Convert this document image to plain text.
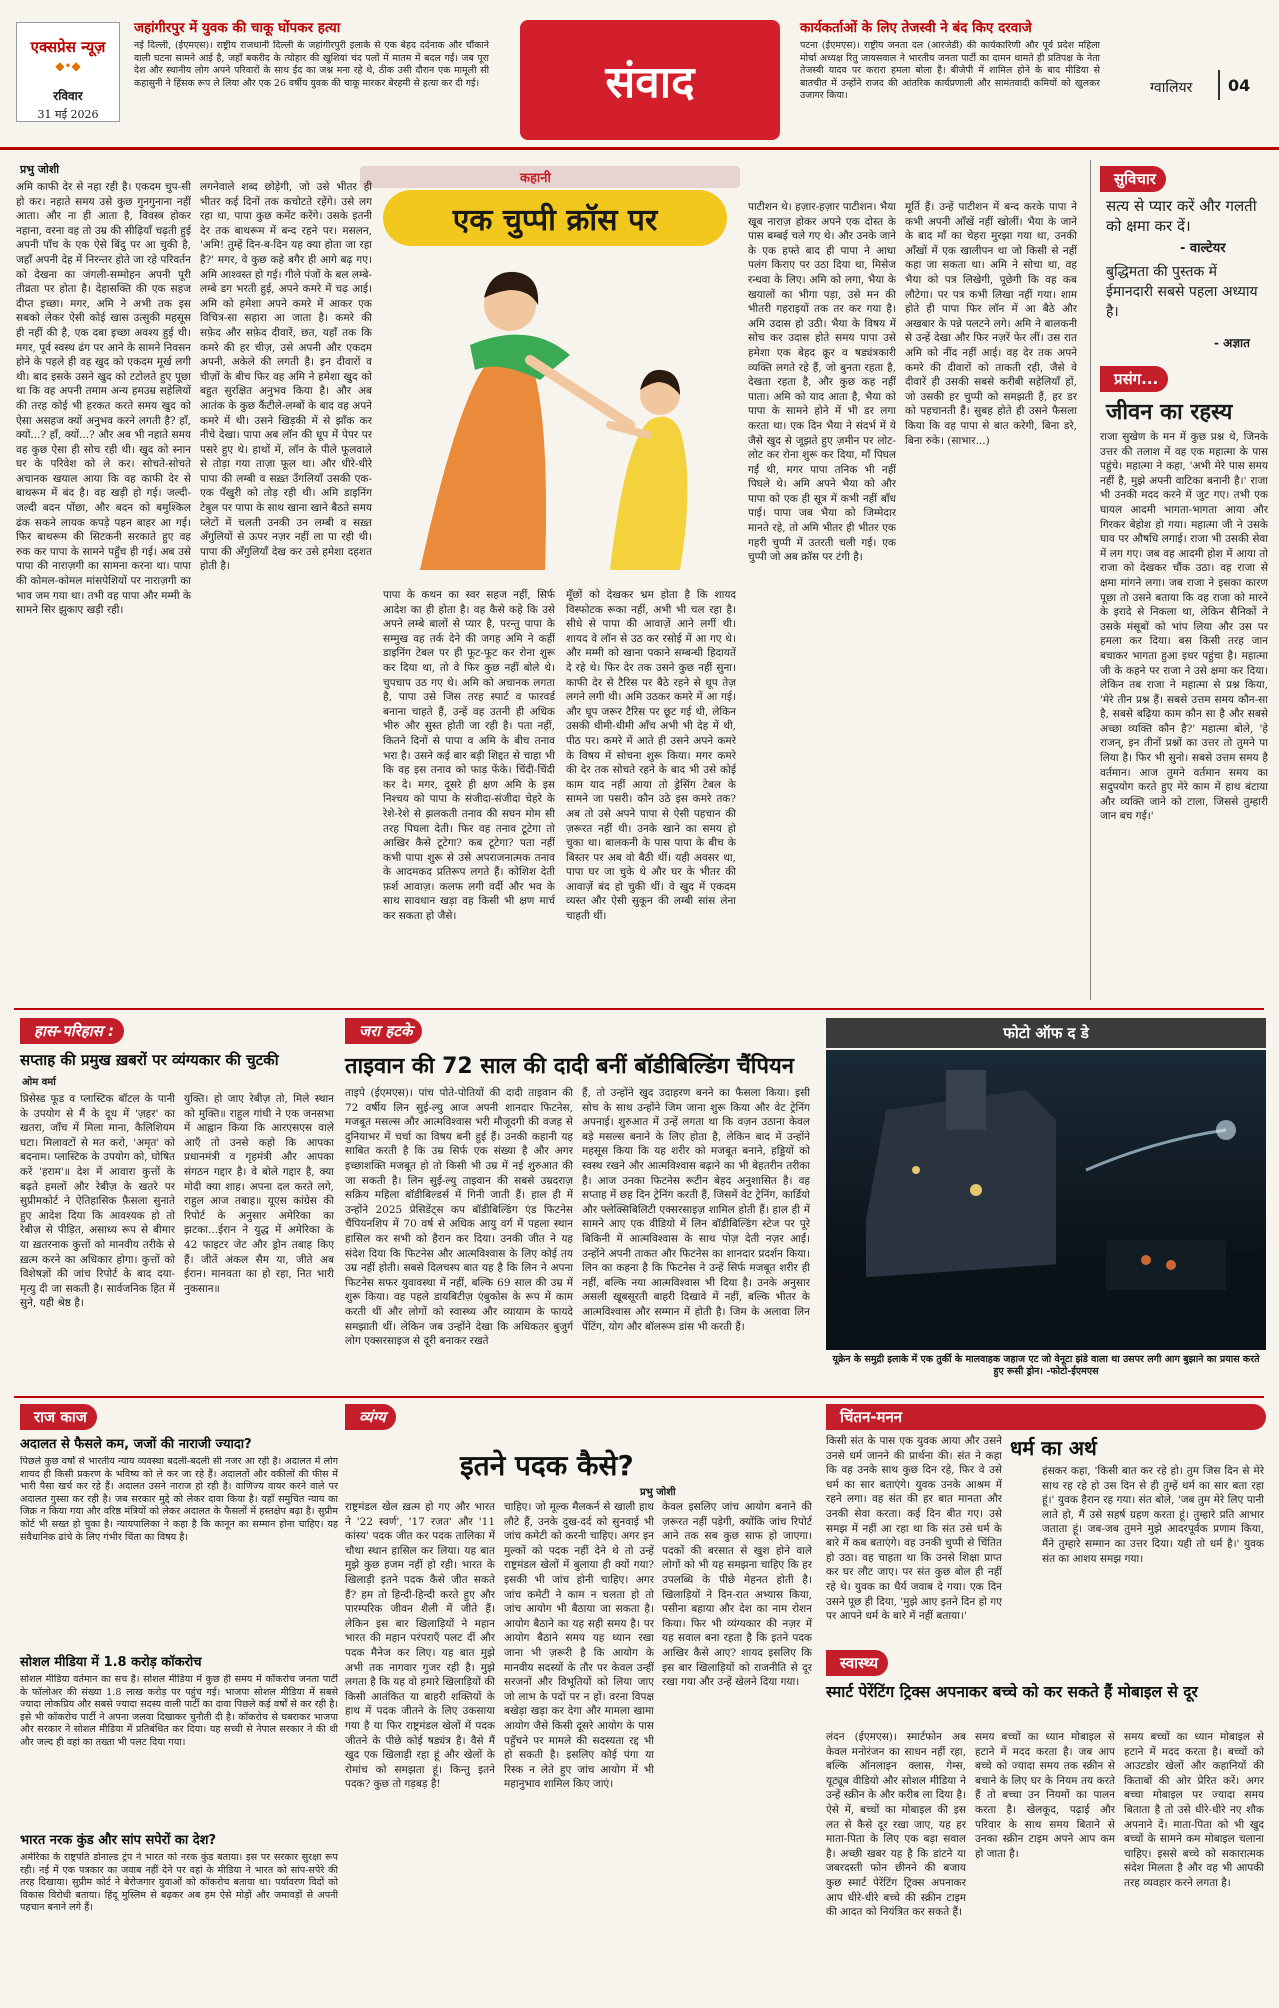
एक्सप्रेस न्यूज़
◆•◆
रविवार
31 मई 2026
जहांगीरपुर में युवक की चाकू घोंपकर हत्या
नई दिल्ली, (ईएमएस)। राष्ट्रीय राजधानी दिल्ली के जहांगीरपुरी इलाके से एक बेहद दर्दनाक और चौंकाने वाली घटना सामने आई है, जहाँ बकरीद के त्योहार की खुशियां चंद पलों में मातम में बदल गईं। जब पूरा देश और स्थानीय लोग अपने परिवारों के साथ ईद का जश्न मना रहे थे, ठीक उसी दौरान एक मामूली सी कहासुनी ने हिंसक रूप ले लिया और एक 26 वर्षीय युवक की चाकू मारकर बेरहमी से हत्या कर दी गई।	संवाद
कार्यकर्ताओं के लिए तेजस्वी ने बंद किए दरवाजे
पटना (ईएमएस)। राष्ट्रीय जनता दल (आरजेडी) की कार्यकारिणी और पूर्व प्रदेश महिला मोर्चा अध्यक्ष रितु जायसवाल ने भारतीय जनता पार्टी का दामन थामते ही प्रतिपक्ष के नेता तेजस्वी यादव पर करारा हमला बोला है। बीजेपी में शामिल होने के बाद मीडिया से बातचीत में उन्होंने राजद की आंतरिक कार्यप्रणाली और सामंतवादी कमियों को खुलकर उजागर किया।	ग्वालियर 04
कहानी
एक चुप्पी क्रॉस पर
प्रभु जोशी
अमि काफी देर से नहा रही है। एकदम चुप-सी हो कर। नहाते समय उसे कुछ गुनगुनाना नहीं आता। और ना ही आता है, विवस्त्र होकर नहाना, वरना वह तो उम्र की सीढ़ियाँ चढ़ती हुई अपनी पाँच के एक ऐसे बिंदु पर आ चुकी है, जहाँ अपनी देह में निरन्तर होते जा रहे परिवर्तन को देखना का जंगली-सम्मोहन अपनी पूरी तीव्रता पर होता है। देहासक्ति की एक सहज दीप्त इच्छा। मगर, अमि ने अभी तक इस सबको लेकर ऐसी कोई खास उत्सुकी महसूस ही नहीं की है, एक दबा इच्छा अवश्य हुई थी। मगर, पूर्व स्वस्थ ढंग पर आने के सामने निवसन होने के पहले ही वह खुद को एकदम मूर्ख लगी थी। बाद इसके उसने खुद को टटोलते हुए पूछा था कि वह अपनी तमाम अन्य हमउम्र सहेलियों की तरह कोई भी हरकत करते समय खुद को ऐसा असहज क्यों अनुभव करने लगती है? हाँ, क्यों...? हाँ, क्यों...? और अब भी नहाते समय वह कुछ ऐसा ही सोच रही थी। खुद को स्नान घर के परिवेश को ले कर। सोचते-सोचते अचानक खयाल आया कि वह काफी देर से बाथरूम में बंद है। वह खड़ी हो गई। जल्दी-जल्दी बदन पोंछा, और बदन को बमुश्किल ढंक सकने लायक कपड़े पहन बाहर आ गई। फिर बाथरूम की सिटकनी सरकाते हुए वह रुक कर पापा के सामने पहुँच ही गई। अब उसे पापा की नाराज़गी का सामना करना था। पापा की कोमल-कोमल मांसपेशियों पर नाराज़गी का भाव जम गया था। तभी वह पापा और मम्मी के सामने सिर झुकाए खड़ी रही।
लगनेवाले शब्द छोड़ेगी, जो उसे भीतर ही भीतर कई दिनों तक कचोटते रहेंगे। उसे लग रहा था, पापा कुछ कमेंट करेंगे। उसके इतनी देर तक बाथरूम में बन्द रहने पर। मसलन, 'अमि! तुम्हें दिन-ब-दिन यह क्या होता जा रहा है?' मगर, वे कुछ कहे बगैर ही आगे बढ़ गए। अमि आश्वस्त हो गई। गीले पंजों के बल लम्बे-लम्बे डग भरती हुई, अपने कमरे में चढ़ आई। अमि को हमेशा अपने कमरे में आकर एक विचित्र-सा सहारा आ जाता है। कमरे की सफ़ेद और सफ़ेद दीवारें, छत, यहाँ तक कि कमरे की हर चीज़, उसे अपनी और एकदम अपनी, अकेले की लगती है। इन दीवारों व चीज़ों के बीच फिर वह अमि ने हमेशा खुद को बहुत सुरक्षित अनुभव किया है। और अब आतंक के कुछ कैंटीले-लम्बों के बाद वह अपने कमरे में थी। उसने खिड़की में से झाँक कर नीचे देखा। पापा अब लॉन की धूप में पेपर पर पसरे हुए थे। हाथों में, लॉन के पीले फूलवाले से तोड़ा गया ताज़ा फूल था। और धीरे-धीरे पापा की लम्बी व सख़्त उँगलियाँ उसकी एक-एक पँखुरी को तोड़ रही थी। अमि डाइनिंग टेबुल पर पापा के साथ खाना खाने बैठते समय प्लेटों में चलती उनकी उन लम्बी व सख़्त अँगुलियों से ऊपर नज़र नहीं ला पा रही थी। पापा की अँगुलियाँ देख कर उसे हमेशा दहशत होती है।
पापा के कथन का स्वर सहज नहीं, सिर्फ आदेश का ही होता है। वह कैसे कहे कि उसे अपने लम्बे बालों से प्यार है, परन्तु पापा के सम्मुख वह तर्क देने की जगह अमि ने कहीं डाइनिंग टेबल पर ही फूट-फूट कर रोना शुरू कर दिया था, तो वे फिर कुछ नहीं बोले थे। चुपचाप उठ गए थे। अमि को अचानक लगता है, पापा उसे जिस तरह स्पार्ट व फारवर्ड बनाना चाहते हैं, उन्हें वह उतनी ही अधिक भीरु और सुस्त होती जा रही है। पता नहीं, कितने दिनों से पापा व अमि के बीच तनाव भरा है। उसने कई बार बड़ी शिद्दत से चाहा भी कि वह इस तनाव को फाड़ फेंके। चिंदी-चिंदी कर दे। मगर, दूसरे ही क्षण अमि के इस निश्चय को पापा के संजीदा-संजीदा चेहरे के रेशे-रेशे से झलकती तनाव की सघन मोम सी तरह पिघला देती। फिर वह तनाव टूटेगा तो आखिर कैसे टूटेगा? कब टूटेगा? पता नहीं कभी पापा शुरू से उसे अपराजनात्मक तनाव के आदमकद प्रतिरूप लगते हैं। कोशिश देती फ़र्श आवाज़। कलफ लगी वर्दी और भव के साथ सावधान खड़ा वह किसी भी क्षण मार्च कर सकता हो जैसे।
मूँछों को देखकर भ्रम होता है कि शायद विस्फोटक रूका नहीं, अभी भी चल रहा है। सीधे से पापा की आवाज़ें आने लगीं थी। शायद वे लॉन से उठ कर रसोई में आ गए थे। और मम्मी को खाना पकाने सम्बन्धी हिदायतें दे रहे थे। फिर देर तक उसने कुछ नहीं सुना। काफी देर से टैरिस पर बैठे रहने से धूप तेज़ लगने लगी थी। अमि उठकर कमरे में आ गई। और धूप जरूर टैरिस पर छूट गई थी, लेकिन उसकी धीमी-धीमी आँच अभी भी देह में थी, पीठ पर। कमरे में आते ही उसने अपने कमरे के विषय में सोचना शुरू किया। मगर कमरे की देर तक सोचते रहने के बाद भी उसे कोई काम याद नहीं आया तो ड्रेसिंग टेबल के सामने जा पसरी। कौन उठे इस कमरे तक? अब तो उसे अपने पापा से ऐसी पहचान की ज़रूरत नहीं थी। उनके खाने का समय हो चुका था। बालकनी के पास पापा के बीच के बिस्तर पर अब वो बैठी थीं। यही अवसर था, पापा घर जा चुके थे और घर के भीतर की आवाज़ें बंद हो चुकी थीं। वे खुद में एकदम व्यस्त और ऐसी सुकून की लम्बी सांस लेना चाहती थीं।
पाटीशन थे। हज़ार-हज़ार पाटीशन। भैया खूब नाराज़ होकर अपने एक दोस्त के पास बम्बई चले गए थे। और उनके जाने के एक हफ्ते बाद ही पापा ने आधा पलंग किराए पर उठा दिया था, मिसेज रन्धवा के लिए। अमि को लगा, भैया के खयालों का भीगा पड़ा, उसे मन की भीतरी गहराइयों तक तर कर गया है। अमि उदास हो उठी। भैया के विषय में सोच कर उदास होते समय पापा उसे हमेशा एक बेहद क्रूर व षड्यंत्रकारी व्यक्ति लगते रहे हैं, जो बुनता रहता है, देखता रहता है, और कुछ कह नहीं पाता। अमि को याद आता है, भैया को पापा के सामने होने में भी डर लगा करता था। एक दिन भैया ने संदर्भ में ये जैसे खुद से जूझते हुए ज़मीन पर लोट-लोट कर रोना शुरू कर दिया, माँ पिघल गईं थी, मगर पापा तनिक भी नहीं पिघले थे। अमि अपने भैया को और पापा को एक ही सूत्र में कभी नहीं बाँध पाई। पापा जब भैया को जिम्मेदार मानते रहे, तो अमि भीतर ही भीतर एक गहरी चुप्पी में उतरती चली गई। एक चुप्पी जो अब क्रॉस पर टंगी है।
मूर्ति हैं। उन्हें पाटीशन में बन्द करके पापा ने कभी अपनी आँखें नहीं खोलीं। भैया के जाने के बाद माँ का चेहरा मुरझा गया था, उनकी आँखों में एक खालीपन था जो किसी से नहीं कहा जा सकता था। अमि ने सोचा था, वह भैया को पत्र लिखेगी, पूछेगी कि वह कब लौटेगा। पर पत्र कभी लिखा नहीं गया। शाम होते ही पापा फिर लॉन में आ बैठे और अखबार के पन्ने पलटने लगे। अमि ने बालकनी से उन्हें देखा और फिर नज़रें फेर लीं। उस रात अमि को नींद नहीं आई। वह देर तक अपने कमरे की दीवारों को ताकती रही, जैसे वे दीवारें ही उसकी सबसे करीबी सहेलियाँ हों, जो उसकी हर चुप्पी को समझती हैं, हर डर को पहचानती हैं। सुबह होते ही उसने फैसला किया कि वह पापा से बात करेगी, बिना डरे, बिना रुके। (साभार...)
सुविचार
सत्य से प्यार करें और गलती को क्षमा कर दें।
- वाल्टेयर
बुद्धिमता की पुस्तक में ईमानदारी सबसे पहला अध्याय है।
- अज्ञात
प्रसंग...
जीवन का रहस्य
राजा सुखेण के मन में कुछ प्रश्न थे, जिनके उत्तर की तलाश में वह एक महात्मा के पास पहुंचे। महात्मा ने कहा, 'अभी मेरे पास समय नहीं है, मुझे अपनी वाटिका बनानी है।' राजा भी उनकी मदद करने में जुट गए। तभी एक घायल आदमी भागता-भागता आया और गिरकर बेहोश हो गया। महात्मा जी ने उसके घाव पर औषधि लगाई। राजा भी उसकी सेवा में लग गए। जब वह आदमी होश में आया तो राजा को देखकर चौंक उठा। वह राजा से क्षमा मांगने लगा। जब राजा ने इसका कारण पूछा तो उसने बताया कि वह राजा को मारने के इरादे से निकला था, लेकिन सैनिकों ने उसके मंसूबों को भांप लिया और उस पर हमला कर दिया। बस किसी तरह जान बचाकर भागता हुआ इधर पहुंचा है। महात्मा जी के कहने पर राजा ने उसे क्षमा कर दिया। लेकिन तब राजा ने महात्मा से प्रश्न किया, 'मेरे तीन प्रश्न हैं। सबसे उत्तम समय कौन-सा है, सबसे बढ़िया काम कौन सा है और सबसे अच्छा व्यक्ति कौन है?' महात्मा बोले, 'हे राजन्, इन तीनों प्रश्नों का उत्तर तो तुमने पा लिया है। फिर भी सुनो। सबसे उत्तम समय है वर्तमान। आज तुमने वर्तमान समय का सदुपयोग करते हुए मेरे काम में हाथ बंटाया और व्यक्ति जाने को टाला, जिससे तुम्हारी जान बच गई।'
हास-परिहास :
सप्ताह की प्रमुख ख़बरों पर व्यंग्यकार की चुटकी
ओम वर्मा
प्रिसेस्ड फूड व प्लास्टिक बॉटल के पानी के उपयोग से मैं के दूध में 'ज़हर' का खतरा, जाँच में मिला माना, कैलिशियम घटा। मिलावटों से मत करो, 'अमृत' को बदनाम। प्लास्टिक के उपयोग को, घोषित करें 'हराम'॥ देश में आवारा कुत्तों के बढ़ते हमलों और रेबीज़ के खतरे पर सुप्रीमकोर्ट ने ऐतिहासिक फ़ैसला सुनाते हुए आदेश दिया कि आवश्यक हो तो रेबीज़ से पीड़ित, असाध्य रूप से बीमार या ख़तरनाक कुत्तों को मानवीय तरीके से ख़त्म करने का अधिकार होगा। कुत्तों को विशेषज्ञों की जांच रिपोर्ट के बाद दया-मृत्यु दी जा सकती है। सार्वजनिक हित में सुने, यही श्रेष्ठ है।
युक्ति। हो जाए रेबीज़ तो, मिले स्थान को मुक्ति॥ राहुल गांधी ने एक जनसभा में आह्वान किया कि आरएसएस वाले आएँ तो उनसे कहो कि आपका प्रधानमंत्री व गृहमंत्री और आपका संगठन गद्दार है। वे बोले गद्दार है, क्या मोदी क्या शाह। अपना दल करते लगे, राहुल आज तबाह॥ यूएस कांग्रेस की रिपोर्ट के अनुसार अमेरिका का झटका...ईरान ने युद्ध में अमेरिका के 42 फाइटर जेट और ड्रोन तबाह किए हैं। जीतें अंकल सैम या, जीते अब ईरान। मानवता का हो रहा, नित भारी नुकसान॥
जरा हटके
ताइवान की 72 साल की दादी बनीं बॉडीबिल्डिंग चैंपियन
ताइपे (ईएमएस)। पांच पोते-पोतियों की दादी ताइवान की 72 वर्षीय लिन सुई-ल्यु आज अपनी शानदार फिटनेस, मजबूत मसल्स और आत्मविश्वास भरी मौजूदगी की वजह से दुनियाभर में चर्चा का विषय बनी हुई हैं। उनकी कहानी यह साबित करती है कि उम्र सिर्फ एक संख्या है और अगर इच्छाशक्ति मजबूत हो तो किसी भी उम्र में नई शुरुआत की जा सकती है। लिन सुई-ल्यु ताइवान की सबसे उम्रदराज़ सक्रिय महिला बॉडीबिल्डर्स में गिनी जाती हैं। हाल ही में उन्होंने 2025 प्रेसिडेंट्स कप बॉडीबिल्डिंग एंड फिटनेस चैंपियनशिप में 70 वर्ष से अधिक आयु वर्ग में पहला स्थान हासिल कर सभी को हैरान कर दिया। उनकी जीत ने यह संदेश दिया कि फिटनेस और आत्मविश्वास के लिए कोई तय उम्र नहीं होती। सबसे दिलचस्प बात यह है कि लिन ने अपना फिटनेस सफर युवावस्था में नहीं, बल्कि 69 साल की उम्र में शुरू किया। वह पहले डायबिटीज़ एंबुकोस के रूप में काम करती थीं और लोगों को स्वास्थ्य और व्यायाम के फायदे समझाती थीं। लेकिन जब उन्होंने देखा कि अधिकतर बुजुर्ग लोग एक्सरसाइज से दूरी बनाकर रखते
हैं, तो उन्होंने खुद उदाहरण बनने का फैसला किया। इसी सोच के साथ उन्होंने जिम जाना शुरू किया और वेट ट्रेनिंग अपनाई। शुरुआत में उन्हें लगता था कि वज़न उठाना केवल बड़े मसल्स बनाने के लिए होता है, लेकिन बाद में उन्होंने महसूस किया कि यह शरीर को मजबूत बनाने, हड्डियों को स्वस्थ रखने और आत्मविश्वास बढ़ाने का भी बेहतरीन तरीका है। आज उनका फिटनेस रूटीन बेहद अनुशासित है। वह सप्ताह में छह दिन ट्रेनिंग करती हैं, जिसमें वेट ट्रेनिंग, कार्डियो और फ्लेक्सिबिलिटी एक्सरसाइज़ शामिल होती हैं। हाल ही में सामने आए एक वीडियो में लिन बॉडीबिल्डिंग स्टेज पर पूरे बिकिनी में आत्मविश्वास के साथ पोज़ देती नज़र आईं। उन्होंने अपनी ताकत और फिटनेस का शानदार प्रदर्शन किया। लिन का कहना है कि फिटनेस ने उन्हें सिर्फ मजबूत शरीर ही नहीं, बल्कि नया आत्मविश्वास भी दिया है। उनके अनुसार असली खूबसूरती बाहरी दिखावे में नहीं, बल्कि भीतर के आत्मविश्वास और सम्मान में होती है। जिम के अलावा लिन पेंटिंग, योग और बॉलरूम डांस भी करती हैं।
फोटो ऑफ द डे
यूक्रेन के समुद्री इलाके में एक तुर्की के मालवाहक जहाज एट जो वेनूटा झंडे वाला था उसपर लगी आग बुझाने का प्रयास करते हुए रूसी ड्रोन। -फोटो-ईएमएस
राज काज
अदालत से फैसले कम, जजों की नाराजी ज्यादा?
पिछले कुछ वर्षों से भारतीय न्याय व्यवस्था बदली-बदली सी नजर आ रही है। अदालत में लोग शायद ही किसी प्रकरण के भविष्य को ले कर जा रहे हैं। अदालतों और वकीलों की फीस में भारी पैसा खर्च कर रहे हैं। अदालत उसने नाराज हो रही है। वाणिज्य वायर करने वाले पर अदालत गुस्सा कर रही है। जब सरकार मुद्दे को लेकर दावा किया है। यहाँ समुचित न्याय का जिक्र न किया गया और वरिष्ठ मंत्रियों को लेकर अदालत के फैसलों में हस्तक्षेप बढ़ा है। सुप्रीम कोर्ट भी सख्त हो चुका है। न्यायपालिका ने कहा है कि कानून का सम्मान होना चाहिए। यह संवैधानिक ढांचे के लिए गंभीर चिंता का विषय है।
सोशल मीडिया में 1.8 करोड़ कॉकरोच
सोशल मीडिया वर्तमान का सच है। सोशल मीडिया में कुछ ही समय में कॉकरोच जनता पार्टी के फॉलोअर की संख्या 1.8 लाख करोड़ पर पहुंच गई। भाजपा सोशल मीडिया में सबसे ज्यादा लोकप्रिय और सबसे ज्यादा सदस्य वाली पार्टी का दावा पिछले कई वर्षों से कर रही है। इसे भी कॉकरोच पार्टी ने अपना जलवा दिखाकर चुनौती दी है। कॉकरोच से घबराकर भाजपा और सरकार ने सोशल मीडिया में प्रतिबंधित कर दिया। यह सच्ची से नेपाल सरकार ने की थी और जल्द ही वहां का तख्ता भी पलट दिया गया।
भारत नरक कुंड और सांप सपेरों का देश?
अमेरिका के राष्ट्रपति डोनाल्ड ट्रंप ने भारत को नरक कुंड बताया। इस पर सरकार सुरक्षा रूप रही। नई में एक पत्रकार का जवाब नहीं देने पर वहां के मीडिया ने भारत को सांप-सपेरे की तरह दिखाया। सुप्रीम कोर्ट ने बेरोजगार युवाओं को कॉकरोच बताया था। पर्यावरण विदों को विकास विरोधी बताया। हिंदू मुस्लिम से बढ़कर अब हम ऐसे मोड़ों और जमावड़ों से अपनी पहचान बनाने लगे हैं।
व्यंग्य
इतने पदक कैसे?
प्रभु जोशी
राष्ट्रमंडल खेल ख़त्म हो गए और भारत ने '22 स्वर्ण', '17 रजत' और '11 कांस्य' पदक जीत कर पदक तालिका में चौथा स्थान हासिल कर लिया। यह बात मुझे कुछ हजम नहीं हो रही। भारत के खिलाड़ी इतने पदक कैसे जीत सकते हैं? हम तो हिन्दी-हिन्दी करते हुए और पारम्परिक जीवन शैली में जीते हैं। लेकिन इस बार खिलाड़ियों ने महान भारत की महान परंपराएँ पलट दीं और पदक मैनेज कर लिए। यह बात मुझे अभी तक नागवार गुजर रही है। मुझे लगता है कि यह वो हमारे खिलाड़ियों की किसी आतंकित या बाहरी शक्तियों के हाथ में पदक जीतने के लिए उकसाया गया है या फिर राष्ट्रमंडल खेलों में पदक जीतने के पीछे कोई षड्यंत्र है। वैसे मैं खुद एक खिलाड़ी रहा हूं और खेलों के रोमांच को समझता हूं। किन्तु इतने पदक? कुछ तो गड़बड़ है!
चाहिए। जो मूल्क मैलकर्न से खाली हाथ लौटे हैं, उनके दुख-दर्द को सुनवाई भी जांच कमेटी को करनी चाहिए। अगर इन मुल्कों को पदक नहीं देने थे तो उन्हें राष्ट्रमंडल खेलों में बुलाया ही क्यों गया? इसकी भी जांच होनी चाहिए। अगर जांच कमेटी ने काम न चलता हो तो जांच आयोग भी बैठाया जा सकता है। आयोग बैठाने का यह सही समय है। पर आयोग बैठाने समय यह ध्यान रखा जाना भी ज़रूरी है कि आयोग के मानवीय सदस्यों के तौर पर केवल उन्हीं सरजनों और विभूतियों को लिया जाए जो लाभ के पदों पर न हों। वरना विपक्ष बखेड़ा खड़ा कर देगा और मामला खामा आयोग जैसे किसी दूसरे आयोग के पास पहुँचने पर मामले की सदस्यता रद्द भी हो सकती है। इसलिए कोई पंगा या रिस्क न लेते हुए जांच आयोग में भी महानुभाव शामिल किए जाएं।
केवल इसलिए जांच आयोग बनाने की ज़रूरत नहीं पड़ेगी, क्योंकि जांच रिपोर्ट आने तक सब कुछ साफ हो जाएगा। पदकों की बरसात से खुश होने वाले लोगों को भी यह समझना चाहिए कि हर उपलब्धि के पीछे मेहनत होती है। खिलाड़ियों ने दिन-रात अभ्यास किया, पसीना बहाया और देश का नाम रोशन किया। फिर भी व्यंग्यकार की नज़र में यह सवाल बना रहता है कि इतने पदक आखिर कैसे आए? शायद इसलिए कि इस बार खिलाड़ियों को राजनीति से दूर रखा गया और उन्हें खेलने दिया गया।
चिंतन-मनन
धर्म का अर्थ
किसी संत के पास एक युवक आया और उसने उनसे धर्म जानने की प्रार्थना की। संत ने कहा कि वह उनके साथ कुछ दिन रहे, फिर वे उसे धर्म का सार बताएंगे। युवक उनके आश्रम में रहने लगा। वह संत की हर बात मानता और उनकी सेवा करता। कई दिन बीत गए। उसे समझ में नहीं आ रहा था कि संत उसे धर्म के बारे में कब बताएंगे। वह उनकी चुप्पी से चिंतित हो उठा। वह चाहता था कि उनसे शिक्षा प्राप्त कर घर लौट जाए। पर संत कुछ बोल ही नहीं रहे थे। युवक का धैर्य जवाब दे गया। एक दिन उसने पूछ ही दिया, 'मुझे आए इतने दिन हो गए पर आपने धर्म के बारे में नहीं बताया।'
हंसकर कहा, 'किसी बात कर रहे हो। तुम जिस दिन से मेरे साथ रह रहे हो उस दिन से ही तुम्हें धर्म का सार बता रहा हूं।' युवक हैरान रह गया। संत बोले, 'जब तुम मेरे लिए पानी लाते हो, मैं उसे सहर्ष ग्रहण करता हूं। तुम्हारे प्रति आभार जताता हूं। जब-जब तुमने मुझे आदरपूर्वक प्रणाम किया, मैंने तुम्हारे सम्मान का उत्तर दिया। यही तो धर्म है।' युवक संत का आशय समझ गया।
स्वास्थ्य
स्मार्ट पेरेंटिंग ट्रिक्स अपनाकर बच्चे को कर सकते हैं मोबाइल से दूर
लंदन (ईएमएस)। स्मार्टफोन अब केवल मनोरंजन का साधन नहीं रहा, बल्कि ऑनलाइन क्लास, गेम्स, यूट्यूब वीडियो और सोशल मीडिया ने उन्हें स्क्रीन के और करीब ला दिया है। ऐसे में, बच्चों का मोबाइल की इस लत से कैसे दूर रखा जाए, यह हर माता-पिता के लिए एक बड़ा सवाल है। अच्छी खबर यह है कि डांटने या जबरदस्ती फोन छीनने की बजाय कुछ स्मार्ट पेरेंटिंग ट्रिक्स अपनाकर आप धीरे-धीरे बच्चे की स्क्रीन टाइम की आदत को नियंत्रित कर सकते हैं।
समय बच्चों का ध्यान मोबाइल से हटाने में मदद करता है। जब आप बच्चे को ज्यादा समय तक स्क्रीन से बचाने के लिए घर के नियम तय करते हैं तो बच्चा उन नियमों का पालन करता है। खेलकूद, पढ़ाई और परिवार के साथ समय बिताने से उनका स्क्रीन टाइम अपने आप कम हो जाता है।
समय बच्चों का ध्यान मोबाइल से हटाने में मदद करता है। बच्चों को आउटडोर खेलों और कहानियों की किताबों की ओर प्रेरित करें। अगर बच्चा मोबाइल पर ज्यादा समय बिताता है तो उसे धीरे-धीरे नए शौक अपनाने दें। माता-पिता को भी खुद बच्चों के सामने कम मोबाइल चलाना चाहिए। इससे बच्चे को सकारात्मक संदेश मिलता है और वह भी आपकी तरह व्यवहार करने लगता है।
